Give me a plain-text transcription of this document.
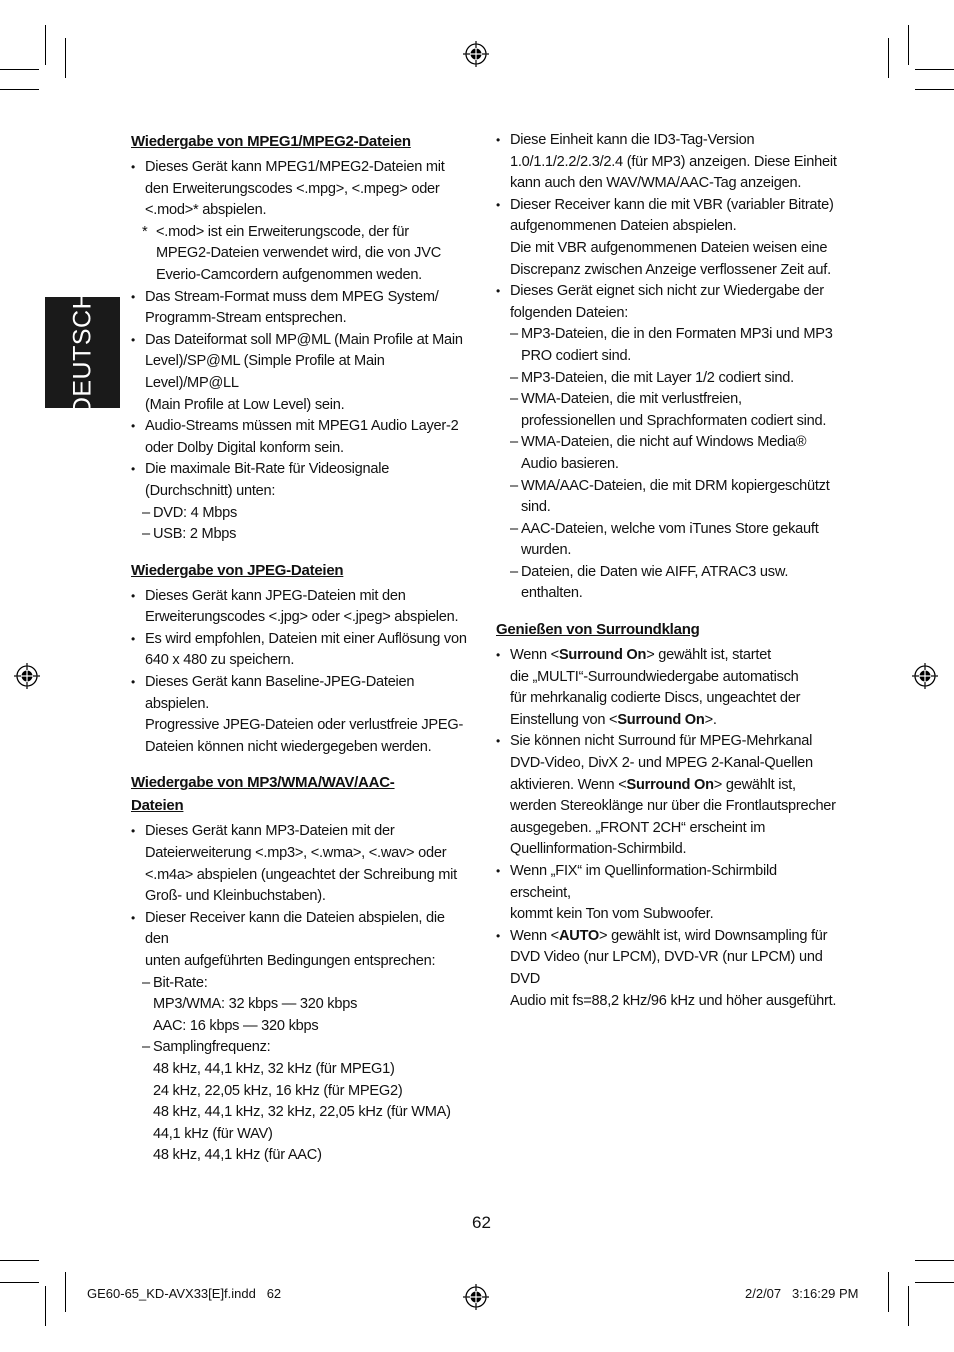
DEUTSCH
Wiedergabe von MPEG1/MPEG2-Dateien
• Dieses Gerät kann MPEG1/MPEG2-Dateien mit
den Erweiterungscodes <.mpg>, <.mpeg> oder
<.mod>* abspielen.
* <.mod> ist ein Erweiterungscode, der für
MPEG2-Dateien verwendet wird, die von JVC
Everio-Camcordern aufgenommen weden.
• Das Stream-Format muss dem MPEG System/
Programm-Stream entsprechen.
• Das Dateiformat soll MP@ML (Main Profile at Main
Level)/SP@ML (Simple Profile at Main Level)/MP@LL
(Main Profile at Low Level) sein.
• Audio-Streams müssen mit MPEG1 Audio Layer-2
oder Dolby Digital konform sein.
• Die maximale Bit-Rate für Videosignale
(Durchschnitt) unten:
– DVD: 4 Mbps
– USB: 2 Mbps
Wiedergabe von JPEG-Dateien
• Dieses Gerät kann JPEG-Dateien mit den
Erweiterungscodes <.jpg> oder <.jpeg> abspielen.
• Es wird empfohlen, Dateien mit einer Auflösung von
640 x 480 zu speichern.
• Dieses Gerät kann Baseline-JPEG-Dateien abspielen.
Progressive JPEG-Dateien oder verlustfreie JPEG-
Dateien können nicht wiedergegeben werden.
Wiedergabe von MP3/WMA/WAV/AAC-
Dateien
• Dieses Gerät kann MP3-Dateien mit der
Dateierweiterung <.mp3>, <.wma>, <.wav> oder
<.m4a> abspielen (ungeachtet der Schreibung mit
Groß- und Kleinbuchstaben).
• Dieser Receiver kann die Dateien abspielen, die den
unten aufgeführten Bedingungen entsprechen:
– Bit-Rate:
MP3/WMA: 32 kbps — 320 kbps
AAC: 16 kbps — 320 kbps
– Samplingfrequenz:
48 kHz, 44,1 kHz, 32 kHz (für MPEG1)
24 kHz, 22,05 kHz, 16 kHz (für MPEG2)
48 kHz, 44,1 kHz, 32 kHz, 22,05 kHz (für WMA)
44,1 kHz (für WAV)
48 kHz, 44,1 kHz (für AAC)
• Diese Einheit kann die ID3-Tag-Version
1.0/1.1/2.2/2.3/2.4 (für MP3) anzeigen. Diese Einheit
kann auch den WAV/WMA/AAC-Tag anzeigen.
• Dieser Receiver kann die mit VBR (variabler Bitrate)
aufgenommenen Dateien abspielen.
Die mit VBR aufgenommenen Dateien weisen eine
Discrepanz zwischen Anzeige verflossener Zeit auf.
• Dieses Gerät eignet sich nicht zur Wiedergabe der
folgenden Dateien:
– MP3-Dateien, die in den Formaten MP3i und MP3
PRO codiert sind.
– MP3-Dateien, die mit Layer 1/2 codiert sind.
– WMA-Dateien, die mit verlustfreien,
professionellen und Sprachformaten codiert sind.
– WMA-Dateien, die nicht auf Windows Media®
Audio basieren.
– WMA/AAC-Dateien, die mit DRM kopiergeschützt
sind.
– AAC-Dateien, welche vom iTunes Store gekauft
wurden.
– Dateien, die Daten wie AIFF, ATRAC3 usw.
enthalten.
Genießen von Surroundklang
• Wenn <Surround On> gewählt ist, startet
die „MULTI“-Surroundwiedergabe automatisch
für mehrkanalig codierte Discs, ungeachtet der
Einstellung von <Surround On>.
• Sie können nicht Surround für MPEG-Mehrkanal
DVD-Video, DivX 2- und MPEG 2-Kanal-Quellen
aktivieren. Wenn <Surround On> gewählt ist,
werden Stereoklänge nur über die Frontlautsprecher
ausgegeben. „FRONT 2CH“ erscheint im
Quellinformation-Schirmbild.
• Wenn „FIX“ im Quellinformation-Schirmbild erscheint,
kommt kein Ton vom Subwoofer.
• Wenn <AUTO> gewählt ist, wird Downsampling für
DVD Video (nur LPCM), DVD-VR (nur LPCM) und DVD
Audio mit fs=88,2 kHz/96 kHz und höher ausgeführt.
62
GE60-65_KD-AVX33[E]f.indd   62	2/2/07   3:16:29 PM
